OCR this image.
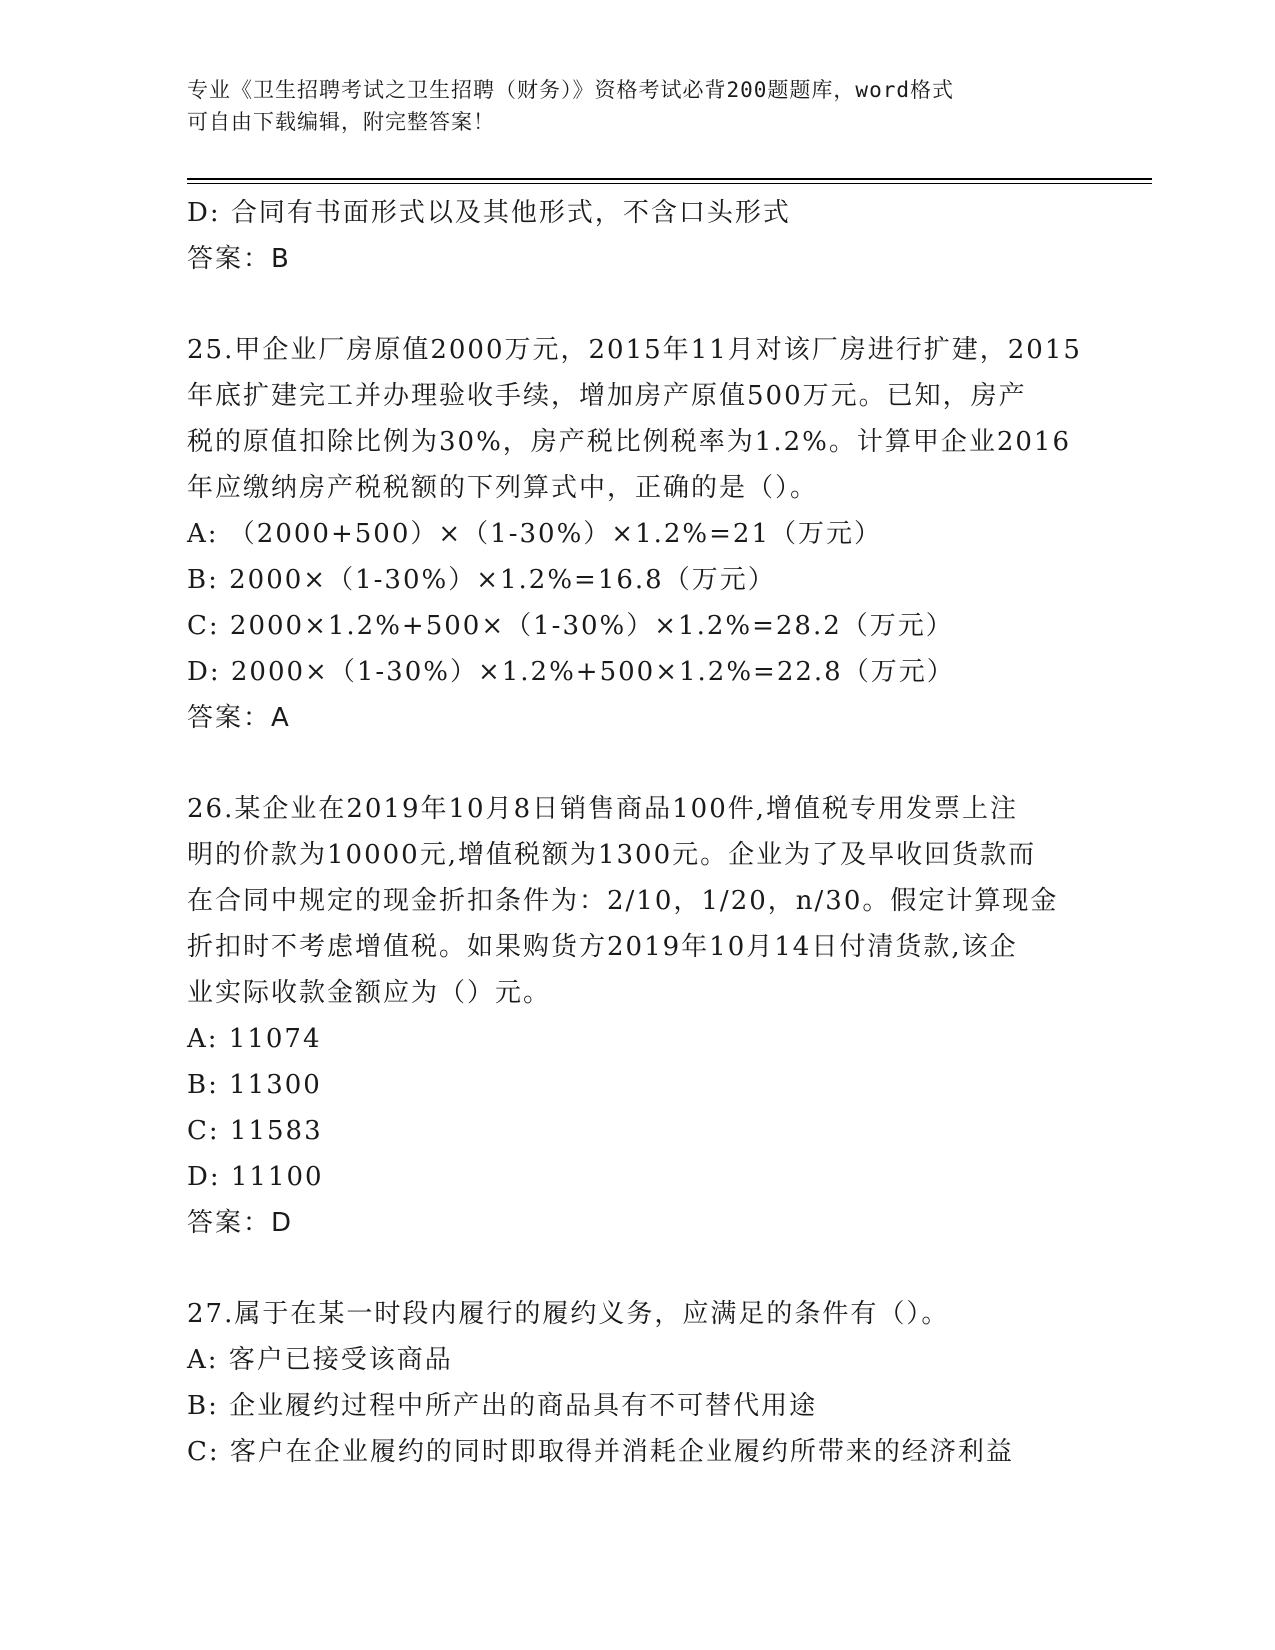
专业《卫生招聘考试之卫生招聘（财务）》资格考试必背200题题库，word格式
可自由下载编辑，附完整答案！
D: 合同有书面形式以及其他形式，不含口头形式
答案：B
25.甲企业厂房原值2000万元，2015年11月对该厂房进行扩建，2015
年底扩建完工并办理验收手续，增加房产原值500万元。已知，房产
税的原值扣除比例为30%，房产税比例税率为1.2%。计算甲企业2016
年应缴纳房产税税额的下列算式中，正确的是（）。
A: （2000+500）×（1-30%）×1.2%=21（万元）
B: 2000×（1-30%）×1.2%=16.8（万元）
C: 2000×1.2%+500×（1-30%）×1.2%=28.2（万元）
D: 2000×（1-30%）×1.2%+500×1.2%=22.8（万元）
答案：A
26.某企业在2019年10月8日销售商品100件,增值税专用发票上注
明的价款为10000元,增值税额为1300元。企业为了及早收回货款而
在合同中规定的现金折扣条件为：2/10，1/20，n/30。假定计算现金
折扣时不考虑增值税。如果购货方2019年10月14日付清货款,该企
业实际收款金额应为（）元。
A: 11074
B: 11300
C: 11583
D: 11100
答案：D
27.属于在某一时段内履行的履约义务，应满足的条件有（）。
A: 客户已接受该商品
B: 企业履约过程中所产出的商品具有不可替代用途
C: 客户在企业履约的同时即取得并消耗企业履约所带来的经济利益
